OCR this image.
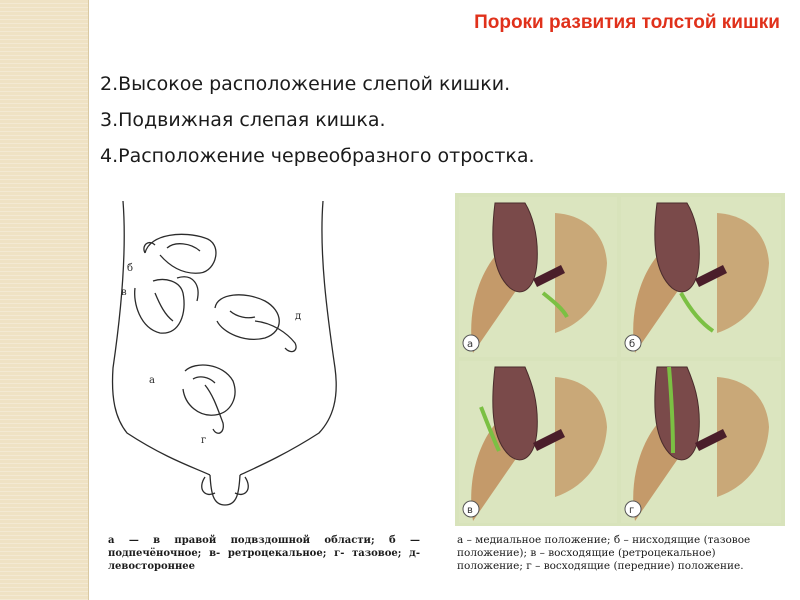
Пороки развития толстой кишки
2.Высокое расположение слепой кишки.
3.Подвижная слепая кишка.
4.Расположение червеобразного отростка.
б
в
д
а
г
а	б
в	г
а — в правой подвздошной области; б — подпечёночное; в- ретроцекальное; г- тазовое; д-левостороннее
а – медиальное положение; б – нисходящие (тазовое положение); в – восходящие (ретроцекальное) положение; г – восходящие (передние) положение.
